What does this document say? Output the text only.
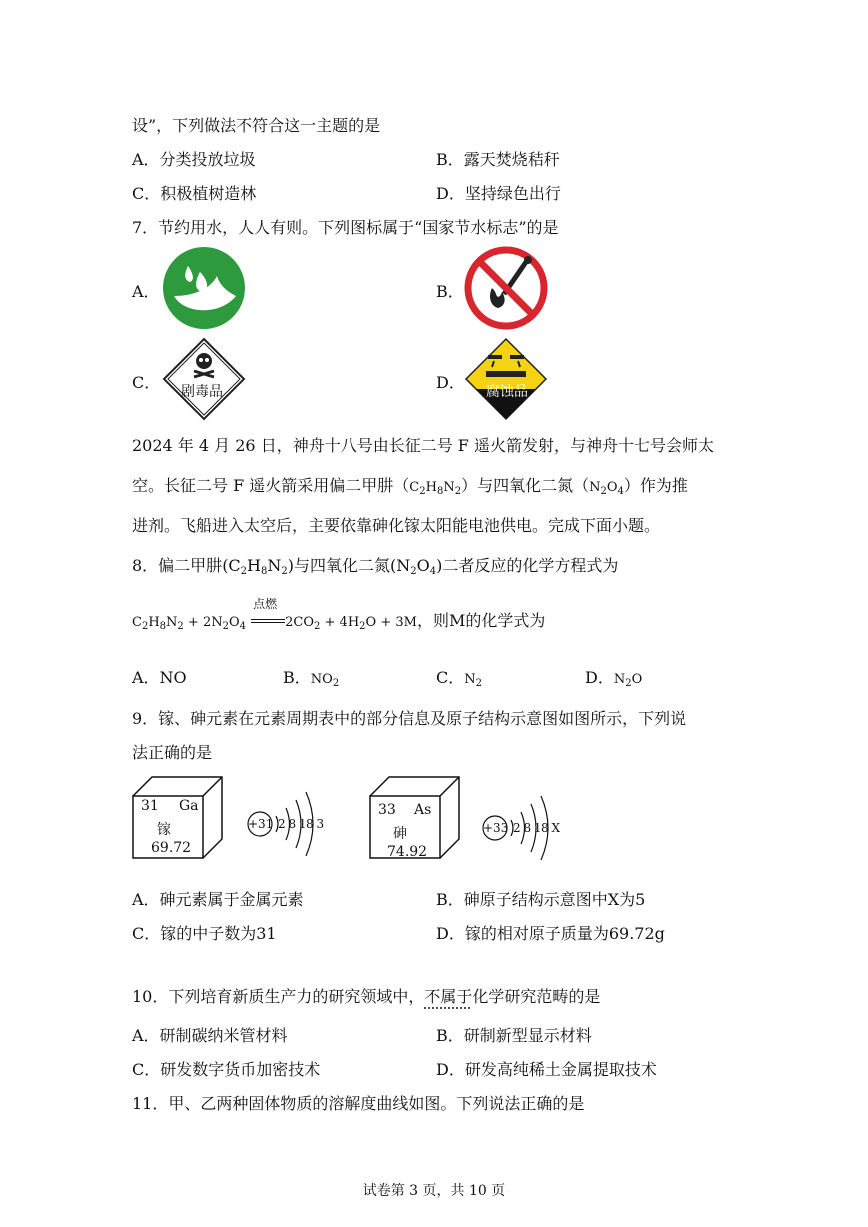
设”，下列做法不符合这一主题的是
A．分类投放垃圾	B．露天焚烧秸秆
C．积极植树造林	D．坚持绿色出行
7．节约用水，人人有则。下列图标属于“国家节水标志”的是
A．	B．
C． 剧毒品	D． 腐蚀品
2024 年 4 月 26 日，神舟十八号由长征二号 F 遥火箭发射，与神舟十七号会师太
空。长征二号 F 遥火箭采用偏二甲肼$(C_2H_8N_2)$与四氧化二氮$(N_2O_4)$作为推
进剂。飞船进入太空后，主要依靠砷化镓太阳能电池供电。完成下面小题。
8．偏二甲肼$(C_2H_8N_2)$与四氧化二氮$(N_2O_4)$二者反应的化学方程式为
$C_2H_8N_2 + 2N_2O_4$
点燃
$2CO_2 + 4H_2O + 3M$，则M的化学式为
A．NO	B．$NO_2$	C．$N_2$	D．$N_2O$
9．镓、砷元素在元素周期表中的部分信息及原子结构示意图如图所示，下列说
法正确的是
31 Ga
镓
69.72
+31 2 8 18 3
33 As
砷
74.92
+33 2 8 18 X
A．砷元素属于金属元素	B．砷原子结构示意图中X为5
C．镓的中子数为31	D．镓的相对原子质量为69.72g
10．下列培育新质生产力的研究领域中，不属于化学研究范畴的是
A．研制碳纳米管材料	B．研制新型显示材料
C．研发数字货币加密技术	D．研发高纯稀土金属提取技术
11．甲、乙两种固体物质的溶解度曲线如图。下列说法正确的是
试卷第 3 页，共 10 页
